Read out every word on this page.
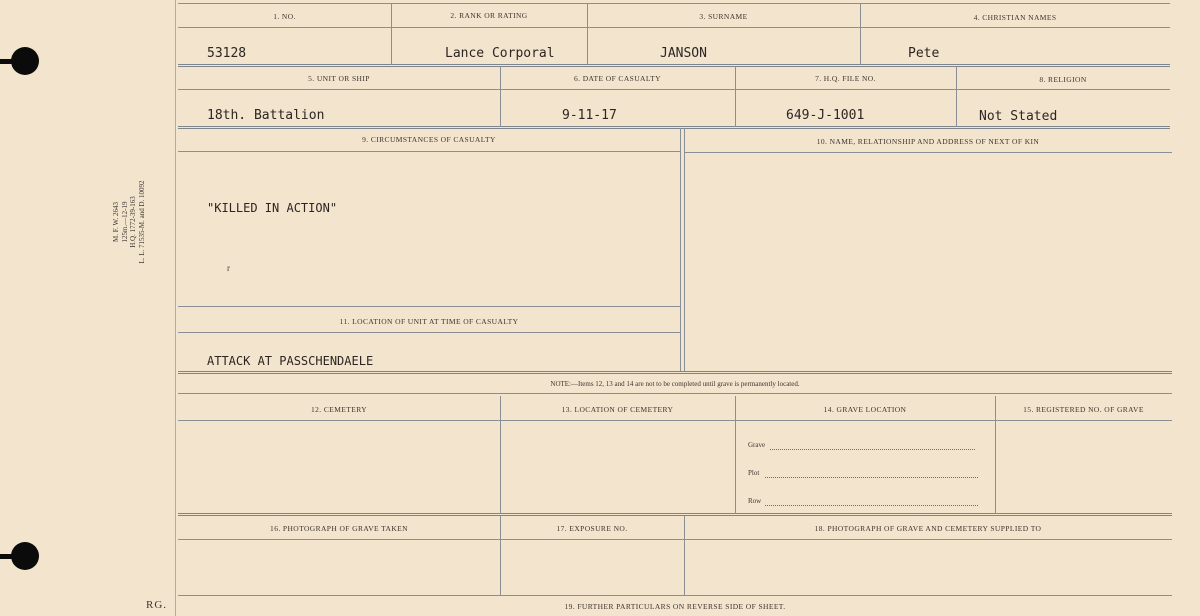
M. F. W. 2643 125m.—12-19 H.Q. 1772-39-163 L. L. 71535-M. and D. 10092
RG.
1. NO.	2. RANK OR RATING	3. SURNAME	4. CHRISTIAN NAMES
53128	Lance Corporal	JANSON	Pete
5. UNIT OR SHIP	6. DATE OF CASUALTY	7. H.Q. FILE NO.	8. RELIGION
18th. Battalion	9-11-17	649-J-1001	Not Stated
9. CIRCUMSTANCES OF CASUALTY	10. NAME, RELATIONSHIP AND ADDRESS OF NEXT OF KIN
"KILLED IN ACTION"
r
11. LOCATION OF UNIT AT TIME OF CASUALTY
ATTACK AT PASSCHENDAELE
NOTE:—Items 12, 13 and 14 are not to be completed until grave is permanently located.
12. CEMETERY	13. LOCATION OF CEMETERY	14. GRAVE LOCATION	15. REGISTERED NO. OF GRAVE
Grave
Plot
Row
16. PHOTOGRAPH OF GRAVE TAKEN	17. EXPOSURE NO.	18. PHOTOGRAPH OF GRAVE AND CEMETERY SUPPLIED TO
19. FURTHER PARTICULARS ON REVERSE SIDE OF SHEET.
